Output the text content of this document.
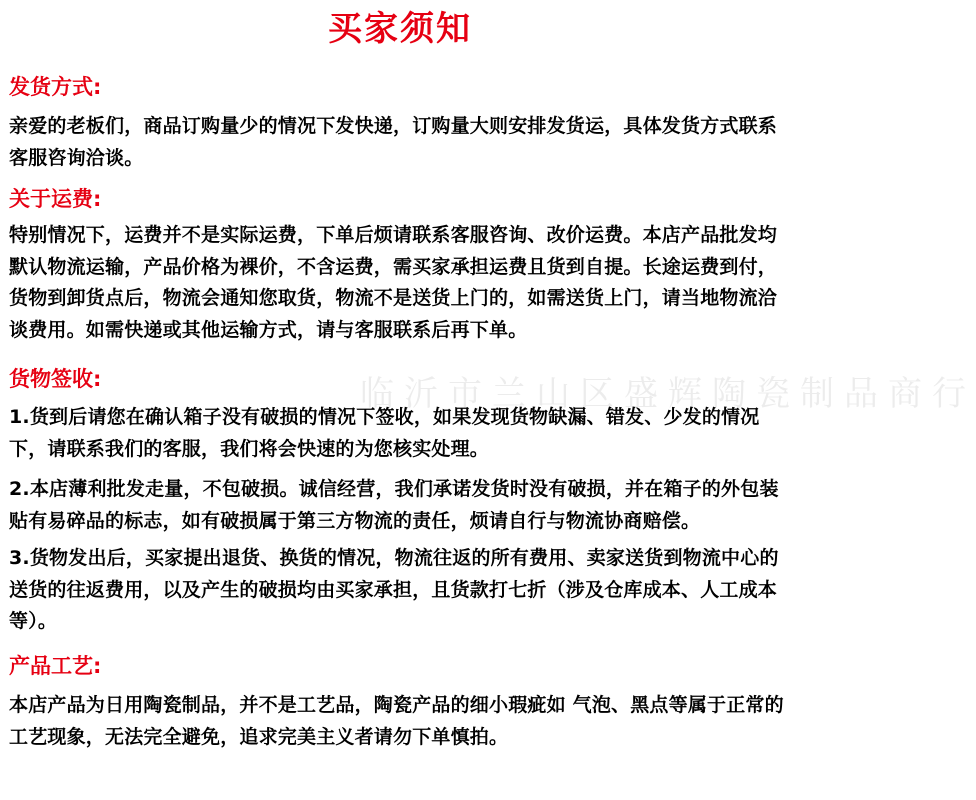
买家须知
临沂市兰山区盛辉陶瓷制品商行
发货方式:
亲爱的老板们，商品订购量少的情况下发快递，订购量大则安排发货运，具体发货方式联系客服咨询洽谈。
关于运费:
特别情况下，运费并不是实际运费，下单后烦请联系客服咨询、改价运费。本店产品批发均默认物流运输，产品价格为裸价，不含运费，需买家承担运费且货到自提。长途运费到付，货物到卸货点后，物流会通知您取货，物流不是送货上门的，如需送货上门，请当地物流洽谈费用。如需快递或其他运输方式，请与客服联系后再下单。
货物签收:
1.货到后请您在确认箱子没有破损的情况下签收，如果发现货物缺漏、错发、少发的情况下，请联系我们的客服，我们将会快速的为您核实处理。
2.本店薄利批发走量，不包破损。诚信经营，我们承诺发货时没有破损，并在箱子的外包装贴有易碎品的标志，如有破损属于第三方物流的责任，烦请自行与物流协商赔偿。
3.货物发出后，买家提出退货、换货的情况，物流往返的所有费用、卖家送货到物流中心的送货的往返费用，以及产生的破损均由买家承担，且货款打七折（涉及仓库成本、人工成本等）。
产品工艺:
本店产品为日用陶瓷制品，并不是工艺品，陶瓷产品的细小瑕疵如 气泡、黑点等属于正常的工艺现象，无法完全避免，追求完美主义者请勿下单慎拍。
